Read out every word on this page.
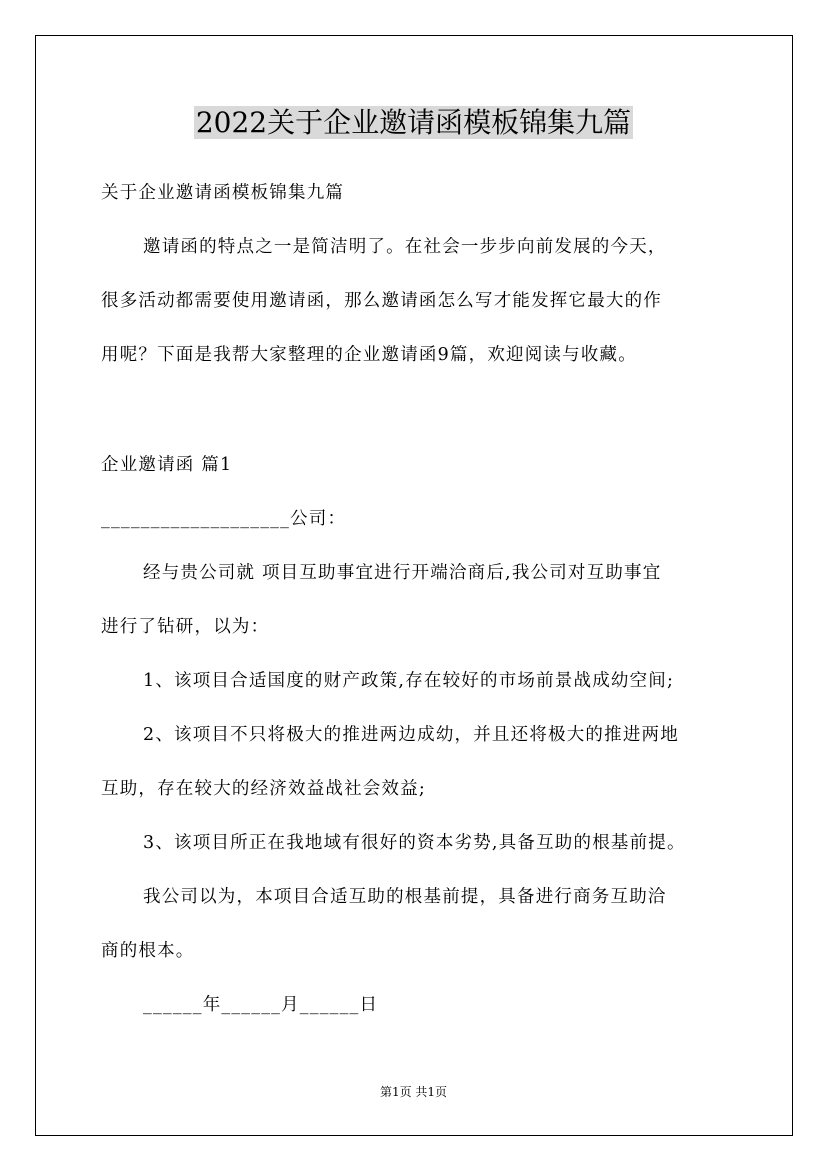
2022关于企业邀请函模板锦集九篇
关于企业邀请函模板锦集九篇
邀请函的特点之一是简洁明了。在社会一步步向前发展的今天，
很多活动都需要使用邀请函，那么邀请函怎么写才能发挥它最大的作
用呢？下面是我帮大家整理的企业邀请函9篇，欢迎阅读与收藏。
企业邀请函 篇1
___________________公司：
经与贵公司就 项目互助事宜进行开端洽商后,我公司对互助事宜
进行了钻研，以为：
1、该项目合适国度的财产政策,存在较好的市场前景战成幼空间;
2、该项目不只将极大的推进两边成幼，并且还将极大的推进两地
互助，存在较大的经济效益战社会效益;
3、该项目所正在我地域有很好的资本劣势,具备互助的根基前提。
我公司以为，本项目合适互助的根基前提，具备进行商务互助洽
商的根本。
______年______月______日
第1页 共1页
